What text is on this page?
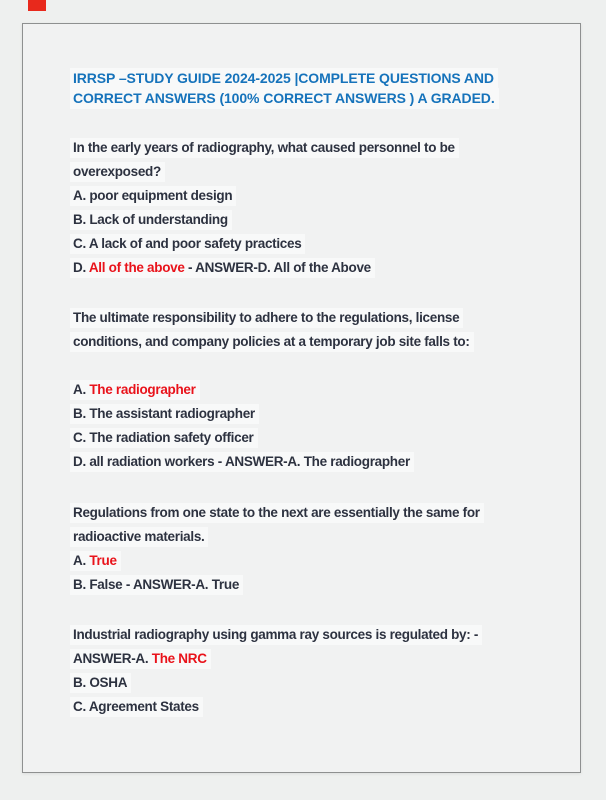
IRRSP –STUDY GUIDE 2024-2025 |COMPLETE QUESTIONS AND
CORRECT ANSWERS (100% CORRECT ANSWERS ) A GRADED.
In the early years of radiography, what caused personnel to be
overexposed?
A. poor equipment design
B. Lack of understanding
C. A lack of and poor safety practices
D. All of the above - ANSWER-D. All of the Above
The ultimate responsibility to adhere to the regulations, license
conditions, and company policies at a temporary job site falls to:
A. The radiographer
B. The assistant radiographer
C. The radiation safety officer
D. all radiation workers - ANSWER-A. The radiographer
Regulations from one state to the next are essentially the same for
radioactive materials.
A. True
B. False - ANSWER-A. True
Industrial radiography using gamma ray sources is regulated by: -
ANSWER-A. The NRC
B. OSHA
C. Agreement States
